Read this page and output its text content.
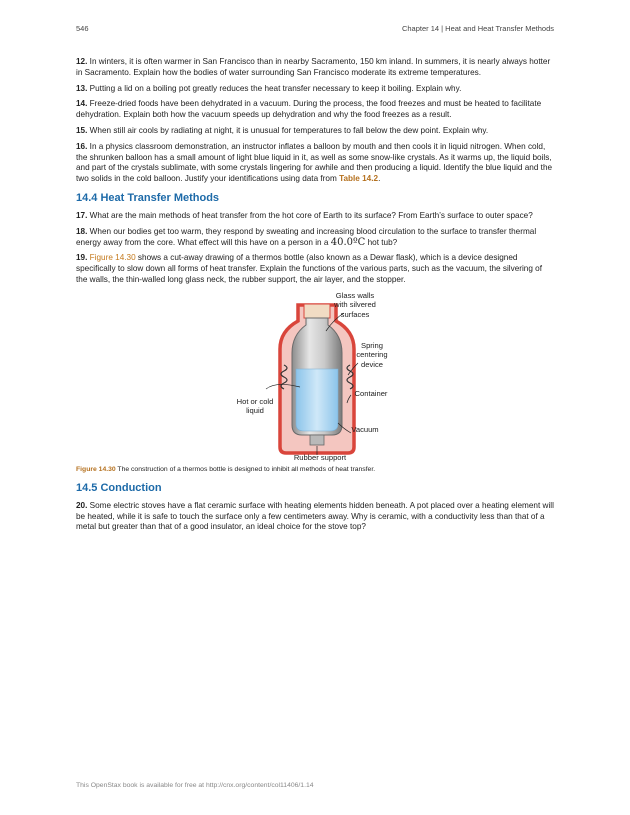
546	Chapter 14 | Heat and Heat Transfer Methods

12. In winters, it is often warmer in San Francisco than in nearby Sacramento, 150 km inland. In summers, it is nearly always hotter in Sacramento. Explain how the bodies of water surrounding San Francisco moderate its extreme temperatures.

13. Putting a lid on a boiling pot greatly reduces the heat transfer necessary to keep it boiling. Explain why.

14. Freeze-dried foods have been dehydrated in a vacuum. During the process, the food freezes and must be heated to facilitate dehydration. Explain both how the vacuum speeds up dehydration and why the food freezes as a result.

15. When still air cools by radiating at night, it is unusual for temperatures to fall below the dew point. Explain why.

16. In a physics classroom demonstration, an instructor inflates a balloon by mouth and then cools it in liquid nitrogen. When cold, the shrunken balloon has a small amount of light blue liquid in it, as well as some snow-like crystals. As it warms up, the liquid boils, and part of the crystals sublimate, with some crystals lingering for awhile and then producing a liquid. Identify the blue liquid and the two solids in the cold balloon. Justify your identifications using data from Table 14.2.

14.4 Heat Transfer Methods

17. What are the main methods of heat transfer from the hot core of Earth to its surface? From Earth’s surface to outer space?

18. When our bodies get too warm, they respond by sweating and increasing blood circulation to the surface to transfer thermal energy away from the core. What effect will this have on a person in a 40.0ºC hot tub?

19. Figure 14.30 shows a cut-away drawing of a thermos bottle (also known as a Dewar flask), which is a device designed specifically to slow down all forms of heat transfer. Explain the functions of the various parts, such as the vacuum, the silvering of the walls, the thin-walled long glass neck, the rubber support, the air layer, and the stopper.

Glass walls with silvered surfaces
Spring centering device
Container
Hot or cold liquid
Vacuum
Rubber support
Figure 14.30 The construction of a thermos bottle is designed to inhibit all methods of heat transfer.
14.5 Conduction

20. Some electric stoves have a flat ceramic surface with heating elements hidden beneath. A pot placed over a heating element will be heated, while it is safe to touch the surface only a few centimeters away. Why is ceramic, with a conductivity less than that of a metal but greater than that of a good insulator, an ideal choice for the stove top?

This OpenStax book is available for free at http://cnx.org/content/col11406/1.14
